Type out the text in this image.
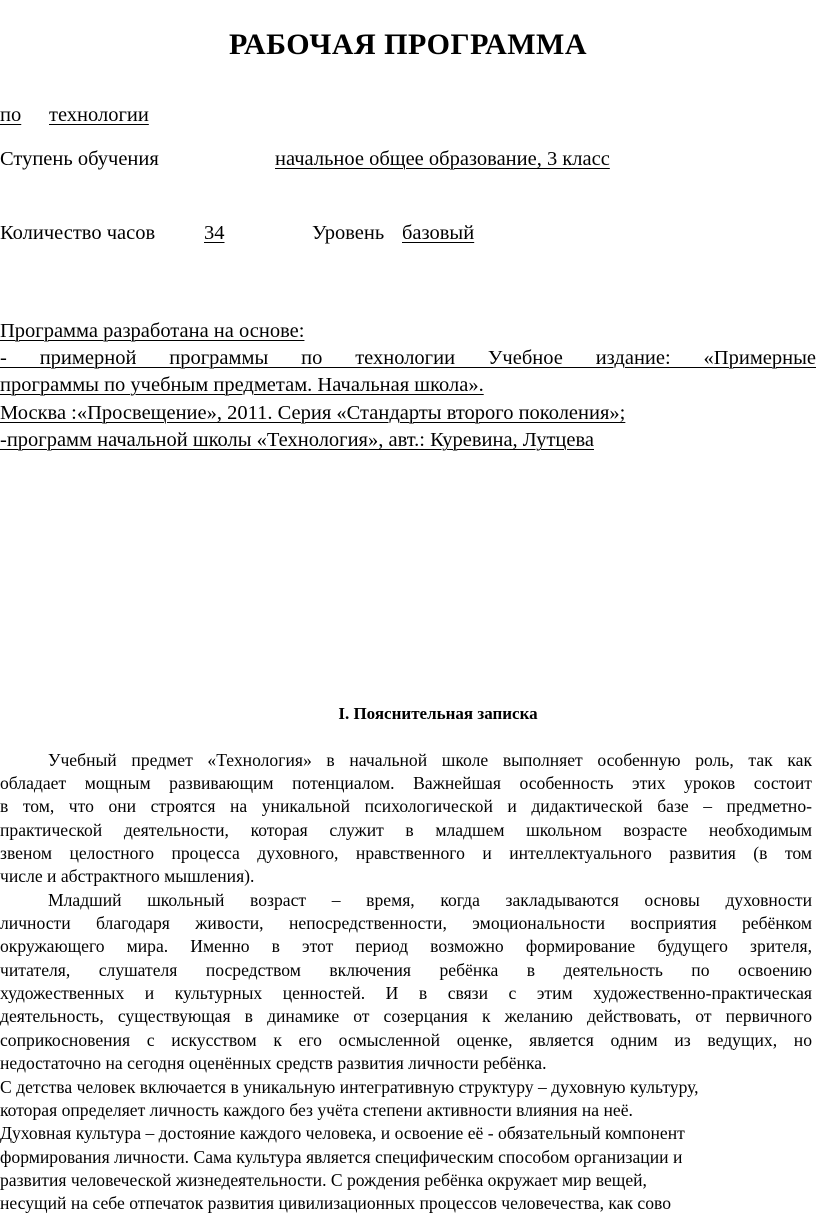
РАБОЧАЯ ПРОГРАММА
по технологии
Ступень обучения	начальное общее образование, 3 класс
Количество часов 34	Уровень базовый
Программа разработана на основе:
- примерной программы по технологии Учебное издание: «Примерные
программы по учебным предметам. Начальная школа».
Москва :«Просвещение», 2011. Серия «Стандарты второго поколения»;
-программ начальной школы «Технология», авт.: Куревина, Лутцева
I. Пояснительная записка
Учебный предмет «Технология» в начальной школе выполняет особенную роль, так как
обладает мощным развивающим потенциалом. Важнейшая особенность этих уроков состоит
в том, что они строятся на уникальной психологической и дидактической базе – предметно-
практической деятельности, которая служит в младшем школьном возрасте необходимым
звеном целостного процесса духовного, нравственного и интеллектуального развития (в том
числе и абстрактного мышления).
Младший школьный возраст – время, когда закладываются основы духовности
личности благодаря живости, непосредственности, эмоциональности восприятия ребёнком
окружающего мира. Именно в этот период возможно формирование будущего зрителя,
читателя, слушателя посредством включения ребёнка в деятельность по освоению
художественных и культурных ценностей. И в связи с этим художественно-практическая
деятельность, существующая в динамике от созерцания к желанию действовать, от первичного
соприкосновения с искусством к его осмысленной оценке, является одним из ведущих, но
недостаточно на сегодня оценённых средств развития личности ребёнка.
С детства человек включается в уникальную интегративную структуру – духовную культуру,
которая определяет личность каждого без учёта степени активности влияния на неё.
Духовная культура – достояние каждого человека, и освоение её - обязательный компонент
формирования личности. Сама культура является специфическим способом организации и
развития человеческой жизнедеятельности. С рождения ребёнка окружает мир вещей,
несущий на себе отпечаток развития цивилизационных процессов человечества, как сово
